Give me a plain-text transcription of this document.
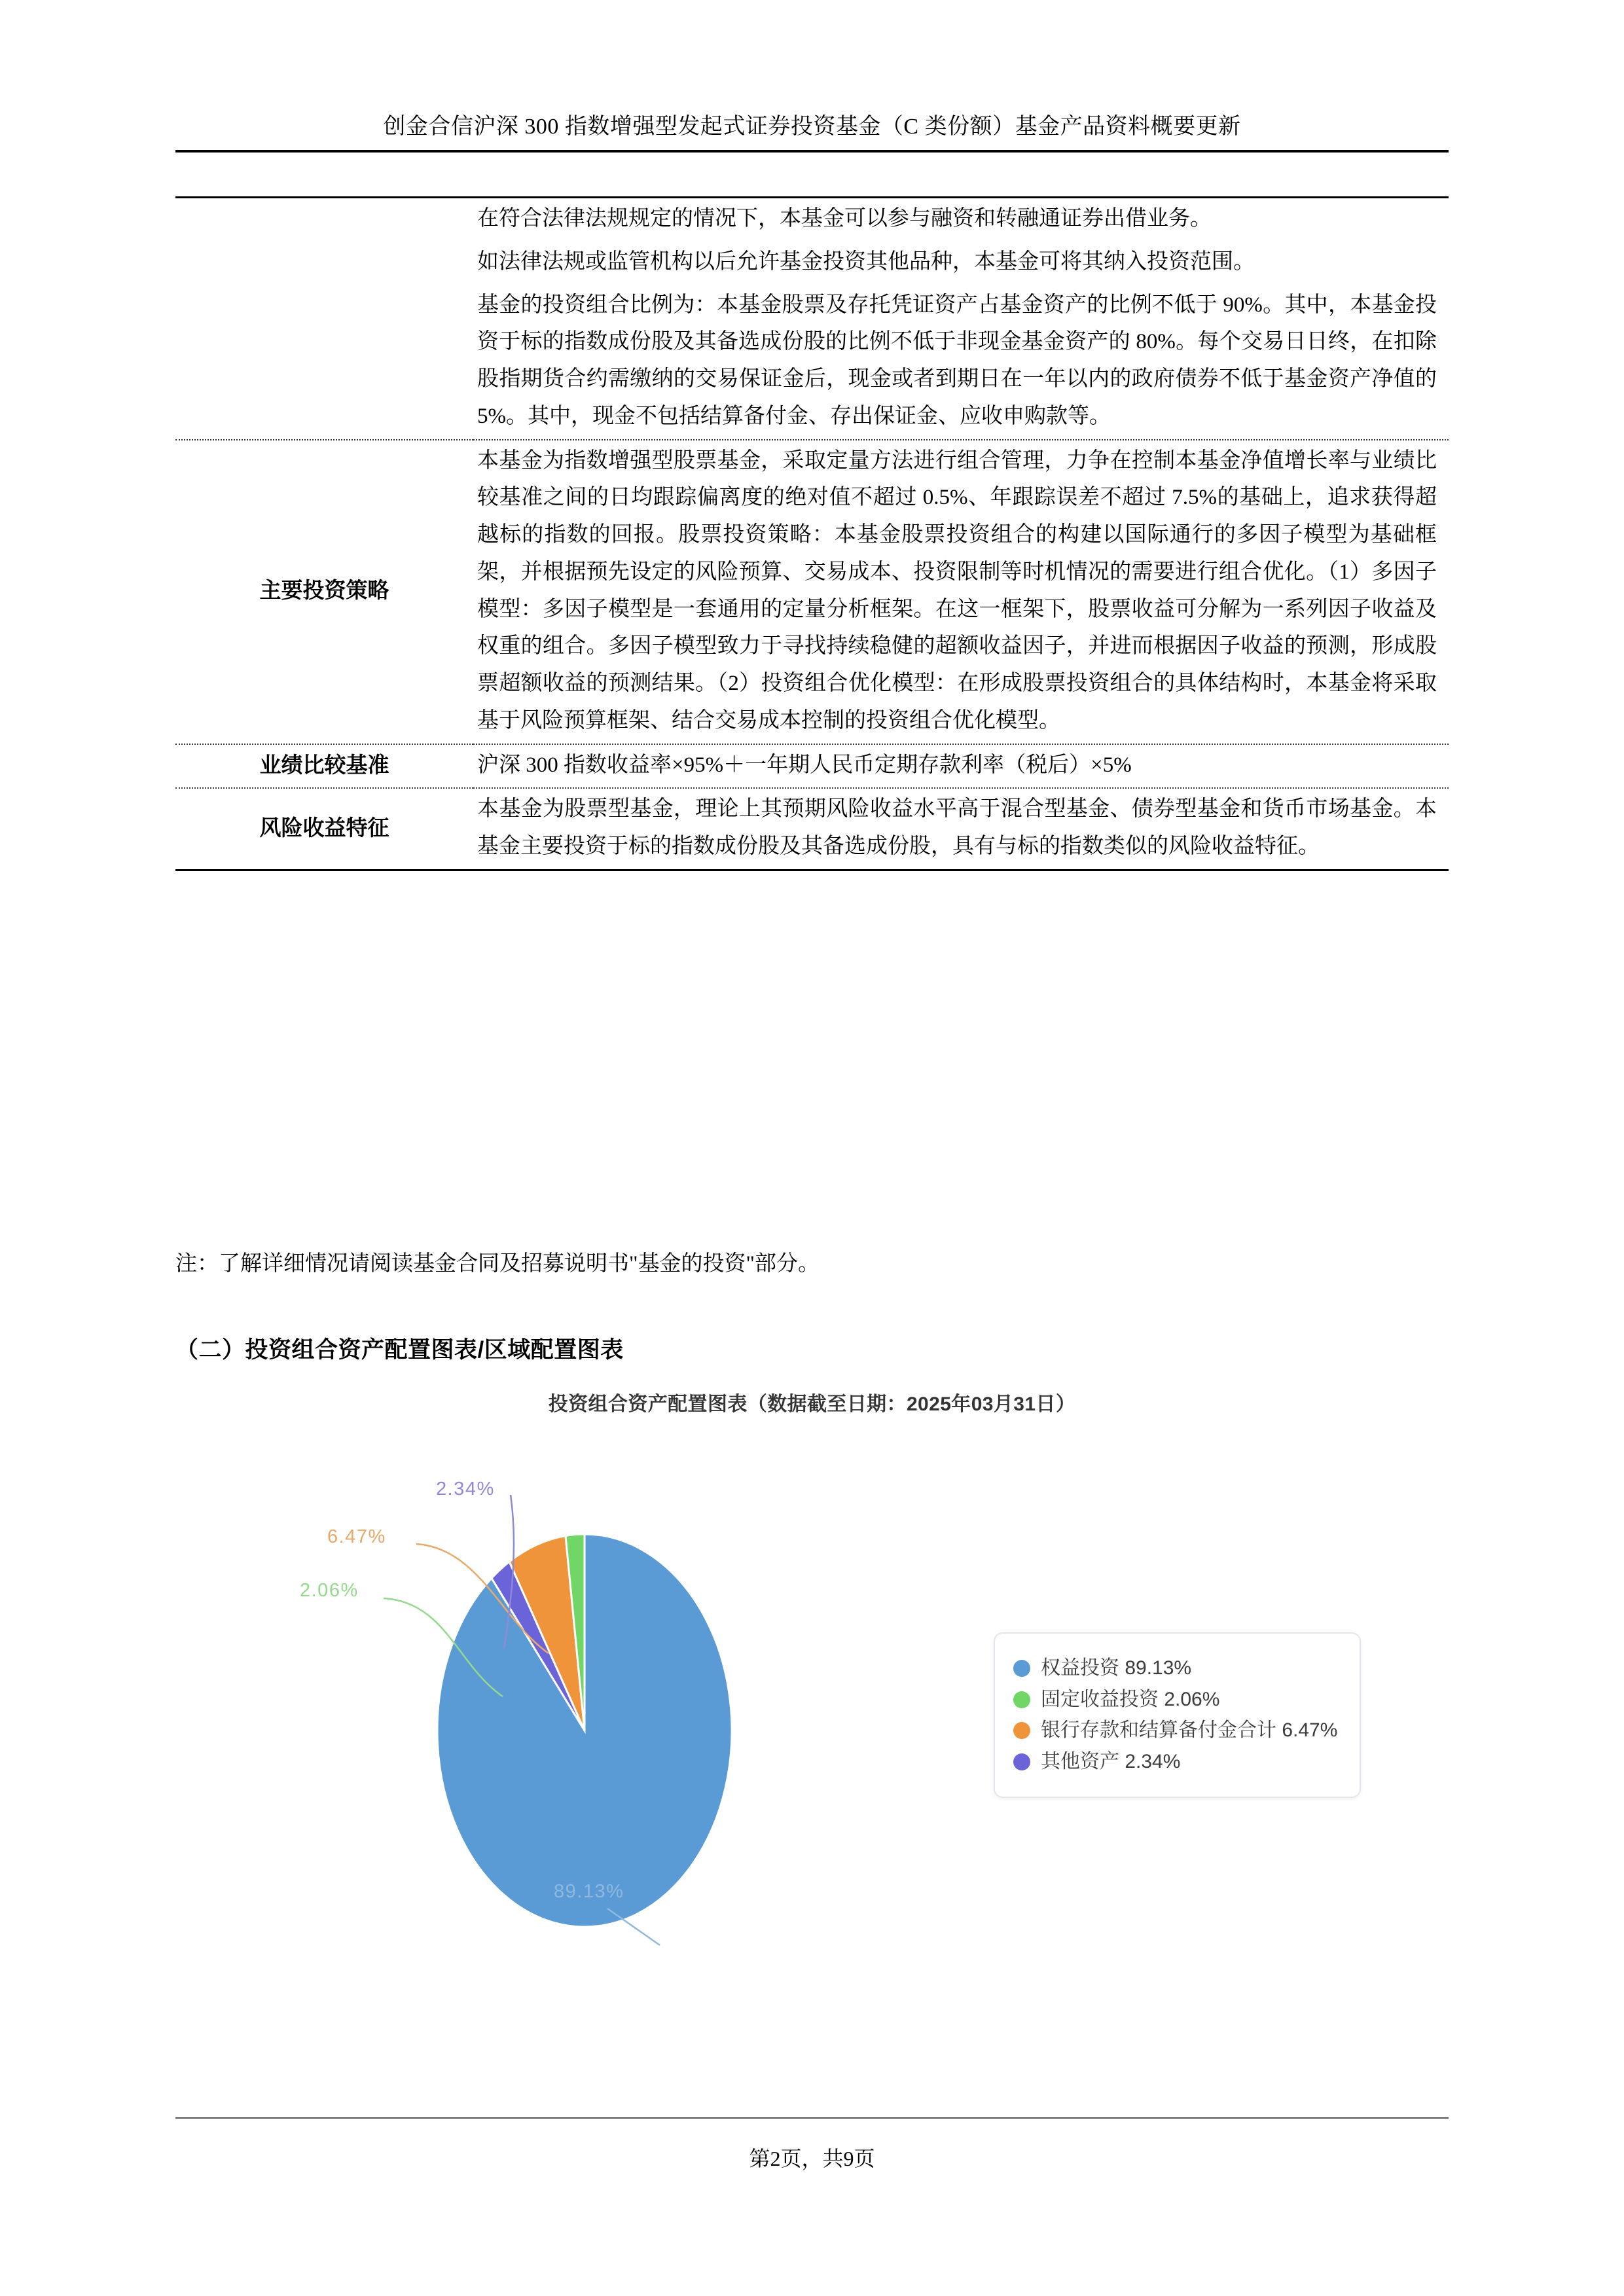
创金合信沪深 300 指数增强型发起式证券投资基金（C 类份额）基金产品资料概要更新

	在符合法律法规规定的情况下，本基金可以参与融资和转融通证券出借业务。
如法律法规或监管机构以后允许基金投资其他品种，本基金可将其纳入投资范围。
基金的投资组合比例为：本基金股票及存托凭证资产占基金资产的比例不低于 90%。其中，本基金投资于标的指数成份股及其备选成份股的比例不低于非现金基金资产的 80%。每个交易日日终，在扣除股指期货合约需缴纳的交易保证金后，现金或者到期日在一年以内的政府债券不低于基金资产净值的 5%。其中，现金不包括结算备付金、存出保证金、应收申购款等。

主要投资策略	本基金为指数增强型股票基金，采取定量方法进行组合管理，力争在控制本基金净值增长率与业绩比较基准之间的日均跟踪偏离度的绝对值不超过 0.5%、年跟踪误差不超过 7.5%的基础上，追求获得超越标的指数的回报。股票投资策略：本基金股票投资组合的构建以国际通行的多因子模型为基础框架，并根据预先设定的风险预算、交易成本、投资限制等时机情况的需要进行组合优化。（1）多因子模型：多因子模型是一套通用的定量分析框架。在这一框架下，股票收益可分解为一系列因子收益及权重的组合。多因子模型致力于寻找持续稳健的超额收益因子，并进而根据因子收益的预测，形成股票超额收益的预测结果。（2）投资组合优化模型：在形成股票投资组合的具体结构时，本基金将采取基于风险预算框架、结合交易成本控制的投资组合优化模型。

业绩比较基准	沪深 300 指数收益率×95%＋一年期人民币定期存款利率（税后）×5%

风险收益特征	本基金为股票型基金，理论上其预期风险收益水平高于混合型基金、债券型基金和货币市场基金。本基金主要投资于标的指数成份股及其备选成份股，具有与标的指数类似的风险收益特征。
注：了解详细情况请阅读基金合同及招募说明书"基金的投资"部分。
（二）投资组合资产配置图表/区域配置图表
投资组合资产配置图表（数据截至日期：2025年03月31日）
89.13%
2.06%
6.47%
2.34%
权益投资 89.13%
固定收益投资 2.06%
银行存款和结算备付金合计 6.47%
其他资产 2.34%
第2页，共9页
